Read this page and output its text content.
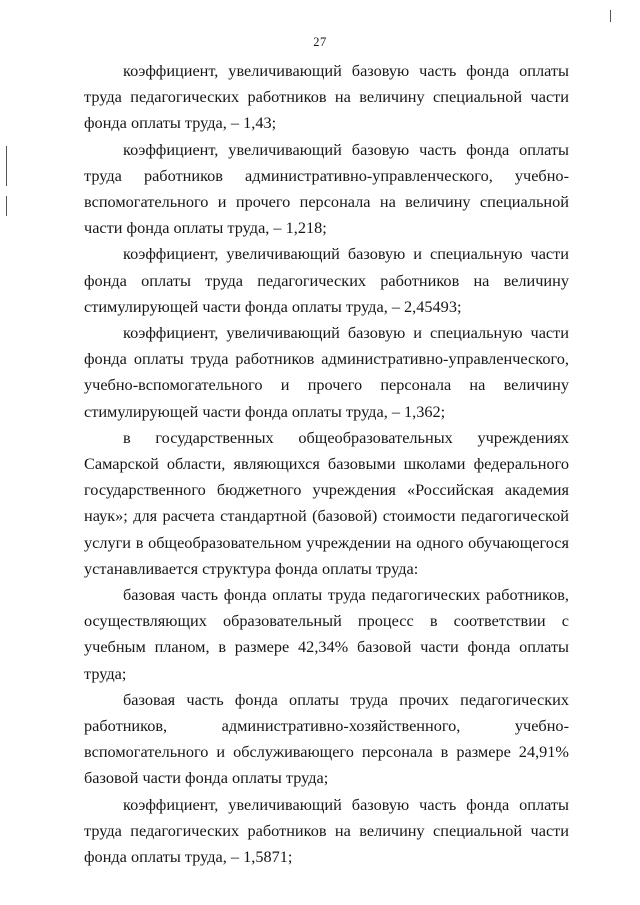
27

коэффициент, увеличивающий базовую часть фонда оплаты труда педагогических работников на величину специальной части фонда оплаты труда, – 1,43;

коэффициент, увеличивающий базовую часть фонда оплаты труда работников административно-управленческого, учебно-вспомогательного и прочего персонала на величину специальной части фонда оплаты труда, – 1,218;

коэффициент, увеличивающий базовую и специальную части фонда оплаты труда педагогических работников на величину стимулирующей части фонда оплаты труда, – 2,45493;

коэффициент, увеличивающий базовую и специальную части фонда оплаты труда работников административно-управленческого, учебно-вспомогательного и прочего персонала на величину стимулирующей части фонда оплаты труда, – 1,362;

в государственных общеобразовательных учреждениях Самарской области, являющихся базовыми школами федерального государственного бюджетного учреждения «Российская академия наук»; для расчета стандартной (базовой) стоимости педагогической услуги в общеобразовательном учреждении на одного обучающегося устанавливается структура фонда оплаты труда:

базовая часть фонда оплаты труда педагогических работников, осуществляющих образовательный процесс в соответствии с учебным планом, в размере 42,34% базовой части фонда оплаты труда;

базовая часть фонда оплаты труда прочих педагогических работников, административно-хозяйственного, учебно-вспомогательного и обслуживающего персонала в размере 24,91% базовой части фонда оплаты труда;

коэффициент, увеличивающий базовую часть фонда оплаты труда педагогических работников на величину специальной части фонда оплаты труда, – 1,5871;
